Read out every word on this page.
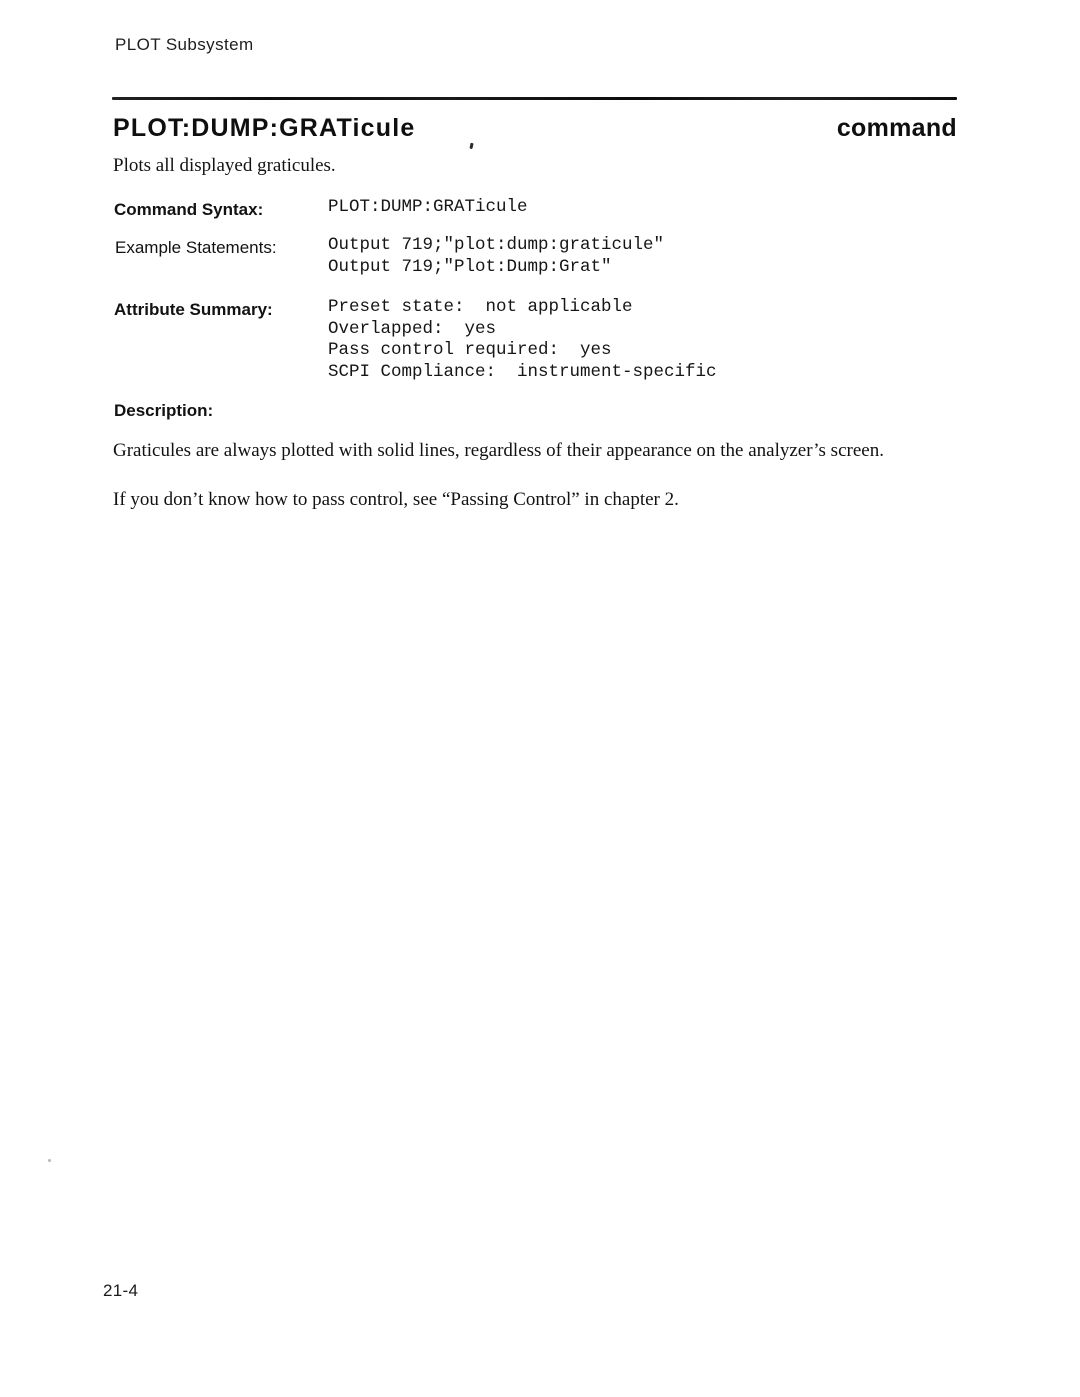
PLOT Subsystem
PLOT:DUMP:GRATicule	command
Plots all displayed graticules.
Command Syntax:	PLOT:DUMP:GRATicule
Example Statements:	Output 719;"plot:dump:graticule"
Output 719;"Plot:Dump:Grat"
Attribute Summary:	Preset state:  not applicable
Overlapped:  yes
Pass control required:  yes
SCPI Compliance:  instrument-specific
Description:
Graticules are always plotted with solid lines, regardless of their appearance on the analyzer’s screen.
If you don’t know how to pass control, see “Passing Control” in chapter 2.
21-4
